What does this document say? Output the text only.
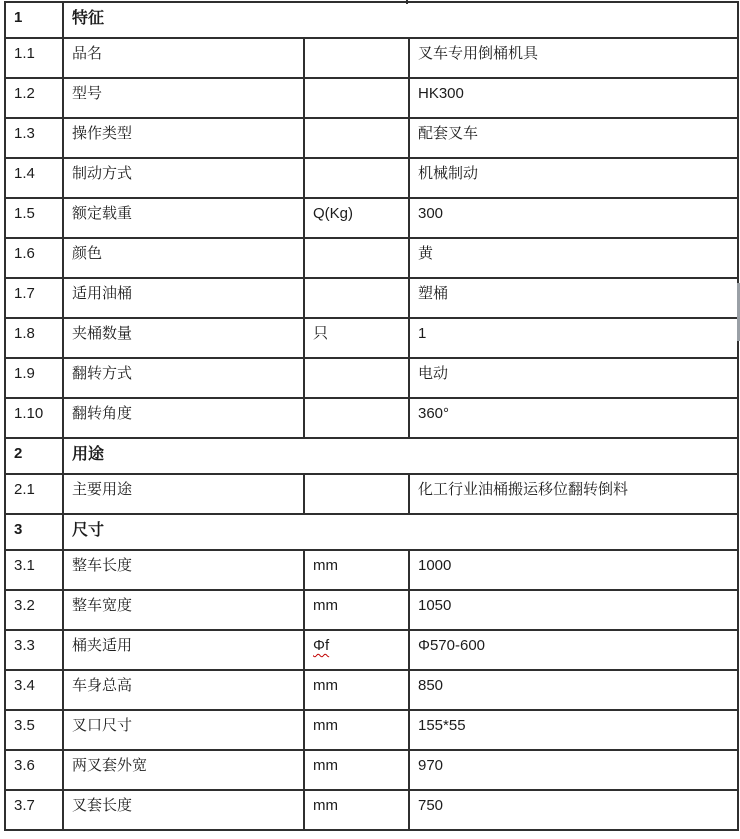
1	特征		
1.1	品名		叉车专用倒桶机具
1.2	型号		HK300
1.3	操作类型		配套叉车
1.4	制动方式		机械制动
1.5	额定载重	Q(Kg)	300
1.6	颜色		黄
1.7	适用油桶		塑桶
1.8	夹桶数量	只	1
1.9	翻转方式		电动
1.10	翻转角度		360°
2	用途		
2.1	主要用途		化工行业油桶搬运移位翻转倒料
3	尺寸		
3.1	整车长度	mm	1000
3.2	整车宽度	mm	1050
3.3	桶夹适用	Φf	Φ570-600
3.4	车身总高	mm	850
3.5	叉口尺寸	mm	155*55
3.6	两叉套外宽	mm	970
3.7	叉套长度	mm	750
